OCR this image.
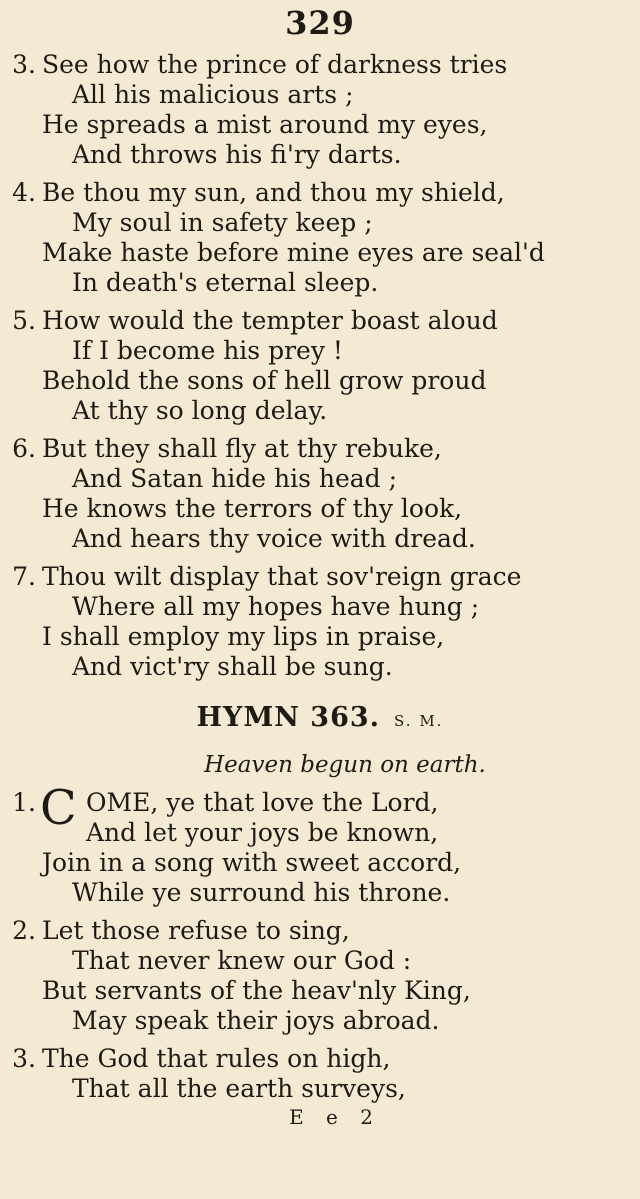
329
3. See how the prince of darkness tries
All his malicious arts ;
He spreads a mist around my eyes,
And throws his fi'ry darts.
4. Be thou my sun, and thou my shield,
My soul in safety keep ;
Make haste before mine eyes are seal'd
In death's eternal sleep.
5. How would the tempter boast aloud
If I become his prey !
Behold the sons of hell grow proud
At thy so long delay.
6. But they shall fly at thy rebuke,
And Satan hide his head ;
He knows the terrors of thy look,
And hears thy voice with dread.
7. Thou wilt display that sov'reign grace
Where all my hopes have hung ;
I shall employ my lips in praise,
And vict'ry shall be sung.
HYMN 363. S. M.
Heaven begun on earth.
1. C OME, ye that love the Lord,
And let your joys be known,
Join in a song with sweet accord,
While ye surround his throne.
2. Let those refuse to sing,
That never knew our God :
But servants of the heav'nly King,
May speak their joys abroad.
3. The God that rules on high,
That all the earth surveys,
E e 2
